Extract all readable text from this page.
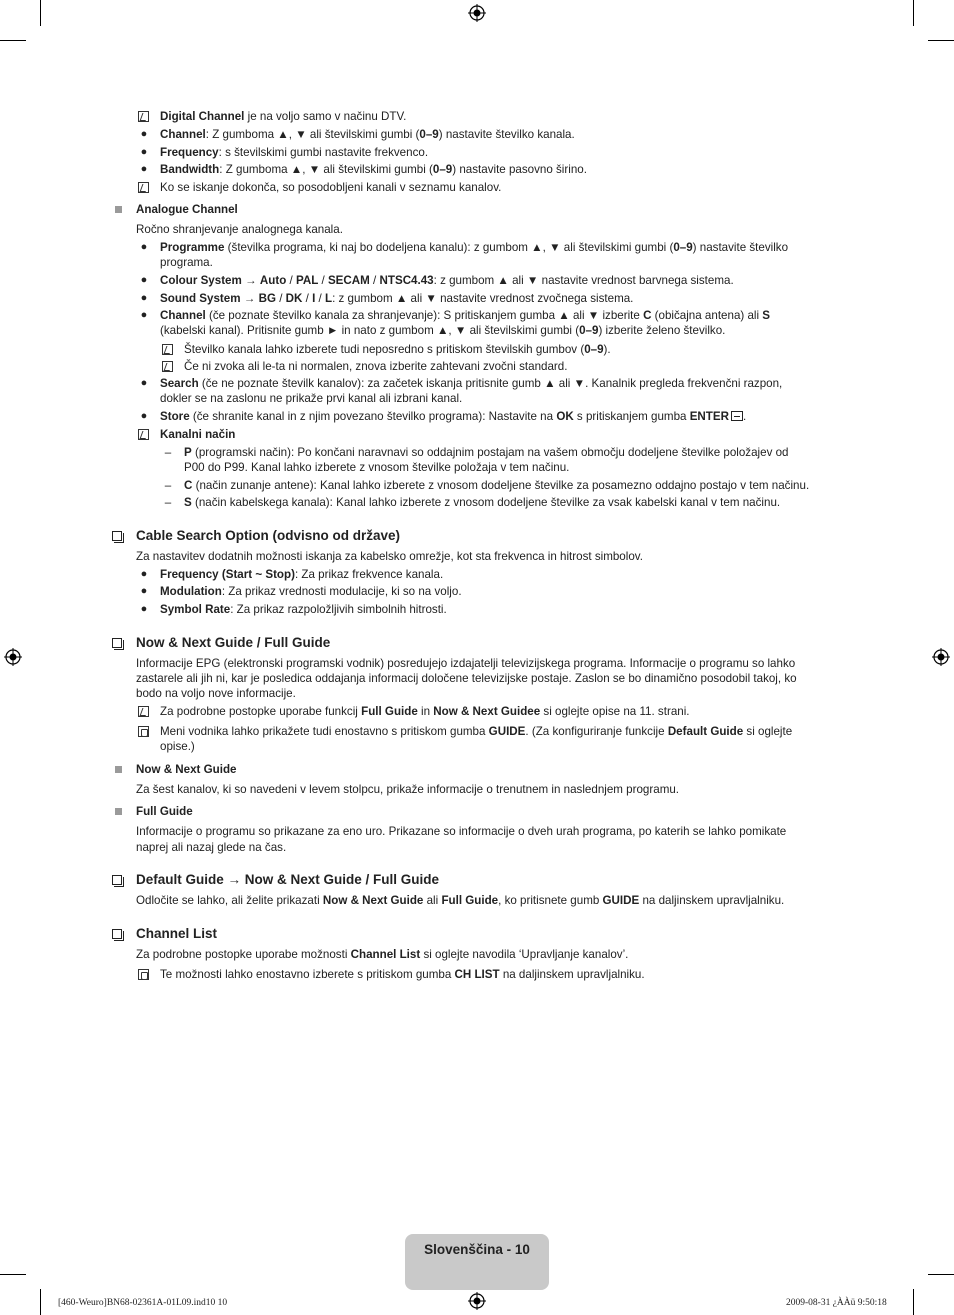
Digital Channel je na voljo samo v načinu DTV.
● Channel: Z gumboma ▲, ▼ ali številskimi gumbi (0–9) nastavite številko kanala.
● Frequency: s številskimi gumbi nastavite frekvenco.
● Bandwidth: Z gumboma ▲, ▼ ali številskimi gumbi (0–9) nastavite pasovno širino.
Ko se iskanje dokonča, so posodobljeni kanali v seznamu kanalov.
Analogue Channel
Ročno shranjevanje analognega kanala.
● Programme (številka programa, ki naj bo dodeljena kanalu): z gumbom ▲, ▼ ali številskimi gumbi (0–9) nastavite številko
programa.
● Colour System → Auto / PAL / SECAM / NTSC4.43: z gumbom ▲ ali ▼ nastavite vrednost barvnega sistema.
● Sound System → BG / DK / I / L: z gumbom ▲ ali ▼ nastavite vrednost zvočnega sistema.
● Channel (če poznate številko kanala za shranjevanje): S pritiskanjem gumba ▲ ali ▼ izberite C (običajna antena) ali S
(kabelski kanal). Pritisnite gumb ► in nato z gumbom ▲, ▼ ali številskimi gumbi (0–9) izberite želeno številko.
Številko kanala lahko izberete tudi neposredno s pritiskom številskih gumbov (0–9).
Če ni zvoka ali le-ta ni normalen, znova izberite zahtevani zvočni standard.
● Search (če ne poznate številk kanalov): za začetek iskanja pritisnite gumb ▲ ali ▼. Kanalnik pregleda frekvenčni razpon,
dokler se na zaslonu ne prikaže prvi kanal ali izbrani kanal.
● Store (če shranite kanal in z njim povezano številko programa): Nastavite na OK s pritiskanjem gumba ENTER .
Kanalni način
– P (programski način): Po končani naravnavi so oddajnim postajam na vašem območju dodeljene številke položajev od
P00 do P99. Kanal lahko izberete z vnosom številke položaja v tem načinu.
– C (način zunanje antene): Kanal lahko izberete z vnosom dodeljene številke za posamezno oddajno postajo v tem načinu.
– S (način kabelskega kanala): Kanal lahko izberete z vnosom dodeljene številke za vsak kabelski kanal v tem načinu.
Cable Search Option (odvisno od države)
Za nastavitev dodatnih možnosti iskanja za kabelsko omrežje, kot sta frekvenca in hitrost simbolov.
● Frequency (Start ~ Stop): Za prikaz frekvence kanala.
● Modulation: Za prikaz vrednosti modulacije, ki so na voljo.
● Symbol Rate: Za prikaz razpoložljivih simbolnih hitrosti.
Now & Next Guide / Full Guide
Informacije EPG (elektronski programski vodnik) posredujejo izdajatelji televizijskega programa. Informacije o programu so lahko
zastarele ali jih ni, kar je posledica oddajanja informacij določene televizijske postaje. Zaslon se bo dinamično posodobil takoj, ko
bodo na voljo nove informacije.
Za podrobne postopke uporabe funkcij Full Guide in Now & Next Guidee si oglejte opise na 11. strani.
Meni vodnika lahko prikažete tudi enostavno s pritiskom gumba GUIDE. (Za konfiguriranje funkcije Default Guide si oglejte
opise.)
Now & Next Guide
Za šest kanalov, ki so navedeni v levem stolpcu, prikaže informacije o trenutnem in naslednjem programu.
Full Guide
Informacije o programu so prikazane za eno uro. Prikazane so informacije o dveh urah programa, po katerih se lahko pomikate
naprej ali nazaj glede na čas.
Default Guide → Now & Next Guide / Full Guide
Odločite se lahko, ali želite prikazati Now & Next Guide ali Full Guide, ko pritisnete gumb GUIDE na daljinskem upravljalniku.
Channel List
Za podrobne postopke uporabe možnosti Channel List si oglejte navodila ‘Upravljanje kanalov’.
Te možnosti lahko enostavno izberete s pritiskom gumba CH LIST na daljinskem upravljalniku.
Slovenščina - 10
[460-Weuro]BN68-02361A-01L09.ind10 10	2009-08-31 ¿ÀÀü 9:50:18
